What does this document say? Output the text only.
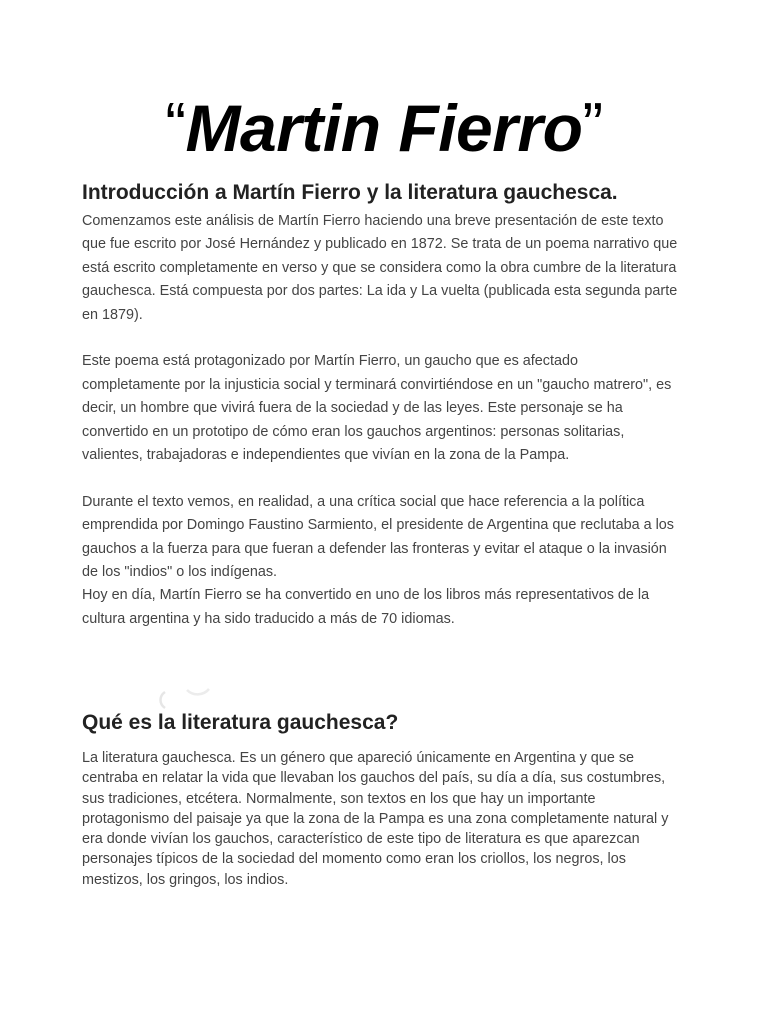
“Martin Fierro”
Introducción a Martín Fierro y la literatura gauchesca.

Comenzamos este análisis de Martín Fierro haciendo una breve presentación de este texto que fue escrito por José Hernández y publicado en 1872. Se trata de un poema narrativo que está escrito completamente en verso y que se considera como la obra cumbre de la literatura gauchesca. Está compuesta por dos partes: La ida y La vuelta (publicada esta segunda parte en 1879).

Este poema está protagonizado por Martín Fierro, un gaucho que es afectado completamente por la injusticia social y terminará convirtiéndose en un "gaucho matrero", es decir, un hombre que vivirá fuera de la sociedad y de las leyes. Este personaje se ha convertido en un prototipo de cómo eran los gauchos argentinos: personas solitarias, valientes, trabajadoras e independientes que vivían en la zona de la Pampa.

Durante el texto vemos, en realidad, a una crítica social que hace referencia a la política emprendida por Domingo Faustino Sarmiento, el presidente de Argentina que reclutaba a los gauchos a la fuerza para que fueran a defender las fronteras y evitar el ataque o la invasión de los "indios" o los indígenas.

Hoy en día, Martín Fierro se ha convertido en uno de los libros más representativos de la cultura argentina y ha sido traducido a más de 70 idiomas.

Qué es la literatura gauchesca?

La literatura gauchesca. Es un género que apareció únicamente en Argentina y que se centraba en relatar la vida que llevaban los gauchos del país, su día a día, sus costumbres, sus tradiciones, etcétera. Normalmente, son textos en los que hay un importante protagonismo del paisaje ya que la zona de la Pampa es una zona completamente natural y era donde vivían los gauchos, característico de este tipo de literatura es que aparezcan personajes típicos de la sociedad del momento como eran los criollos, los negros, los mestizos, los gringos, los indios.
